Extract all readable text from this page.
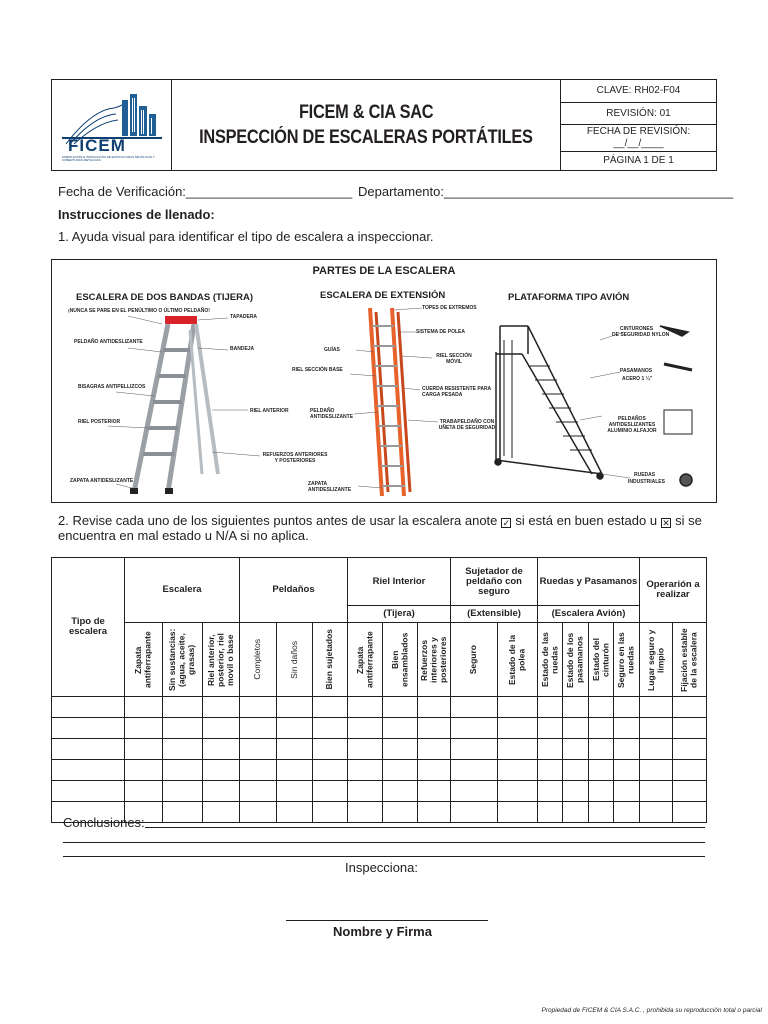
FICEM
FABRICACIÓN E INSTALACIÓN DE ESTRUCTURAS METÁLICAS Y COBERTURAS METÁLICAS
FICEM & CIA SAC
INSPECCIÓN DE ESCALERAS PORTÁTILES
CLAVE: RH02-F04
REVISIÓN: 01
FECHA DE REVISIÓN:
__/__/____
PÁGINA 1 DE 1
Fecha de Verificación:_______________________ Departamento:________________________________________
Instrucciones de llenado:
1. Ayuda visual para identificar el tipo de escalera a inspeccionar.
PARTES DE LA ESCALERA
ESCALERA DE DOS BANDAS (TIJERA)	ESCALERA DE EXTENSIÓN	PLATAFORMA TIPO AVIÓN
¡NUNCA SE PARE EN EL PENÚLTIMO O ÚLTIMO PELDAÑO!
PELDAÑO ANTIDESLIZANTE
BISAGRAS ANTIPELLIZCOS
RIEL POSTERIOR
ZAPATA ANTIDESLIZANTE
TAPADERA
BANDEJA
RIEL ANTERIOR
REFUERZOS ANTERIORES Y POSTERIORES
TOPES DE EXTREMOS
SISTEMA DE POLEA
GUÍAS
RIEL SECCIÓN MÓVIL
RIEL SECCIÓN BASE
CUERDA RESISTENTE PARA CARGA PESADA
PELDAÑO ANTIDESLIZANTE
TRABAPELDAÑO CON UÑETA DE SEGURIDAD
ZAPATA ANTIDESLIZANTE
CINTURONES
DE SEGURIDAD NYLON
PASAMANOS
ACERO 1 ¼"
PELDAÑOS
ANTIDESLIZANTES ALUMINIO ALFAJOR
RUEDAS
INDUSTRIALES
2. Revise cada uno de los siguientes puntos antes de usar la escalera anote ✓ si está en buen estado u ✕ si se
encuentra en mal estado u N/A si no aplica.
Tipo de escalera	Escalera			Peldaños			Riel Interior			Sujetador de peldaño con seguro		Ruedas y Pasamanos				Operarión a realizar	
							(Tijera)			(Extensible)		(Escalera Avión)					

	Zapata antiferrapante	Sin sustancias: (agua, aceite, grasas)	Riel anterior, posterior, riel movil o base	Completos	Sin daños	Bien sujetados	Zapata antiferrapante	Bien ensamblados	Refuerzos interiores y posteriores	Seguro	Estado de la polea	Estado de las ruedas	Estado de los pasamanos	Estado del cinturón	Seguro en las ruedas	Lugar seguro y limpio	Fijación estable de la escalera

Conclusiones:
Inspecciona:
Nombre y Firma
Propiedad de FICEM & CIA S.A.C. , prohibida su reproducción total o parcial
